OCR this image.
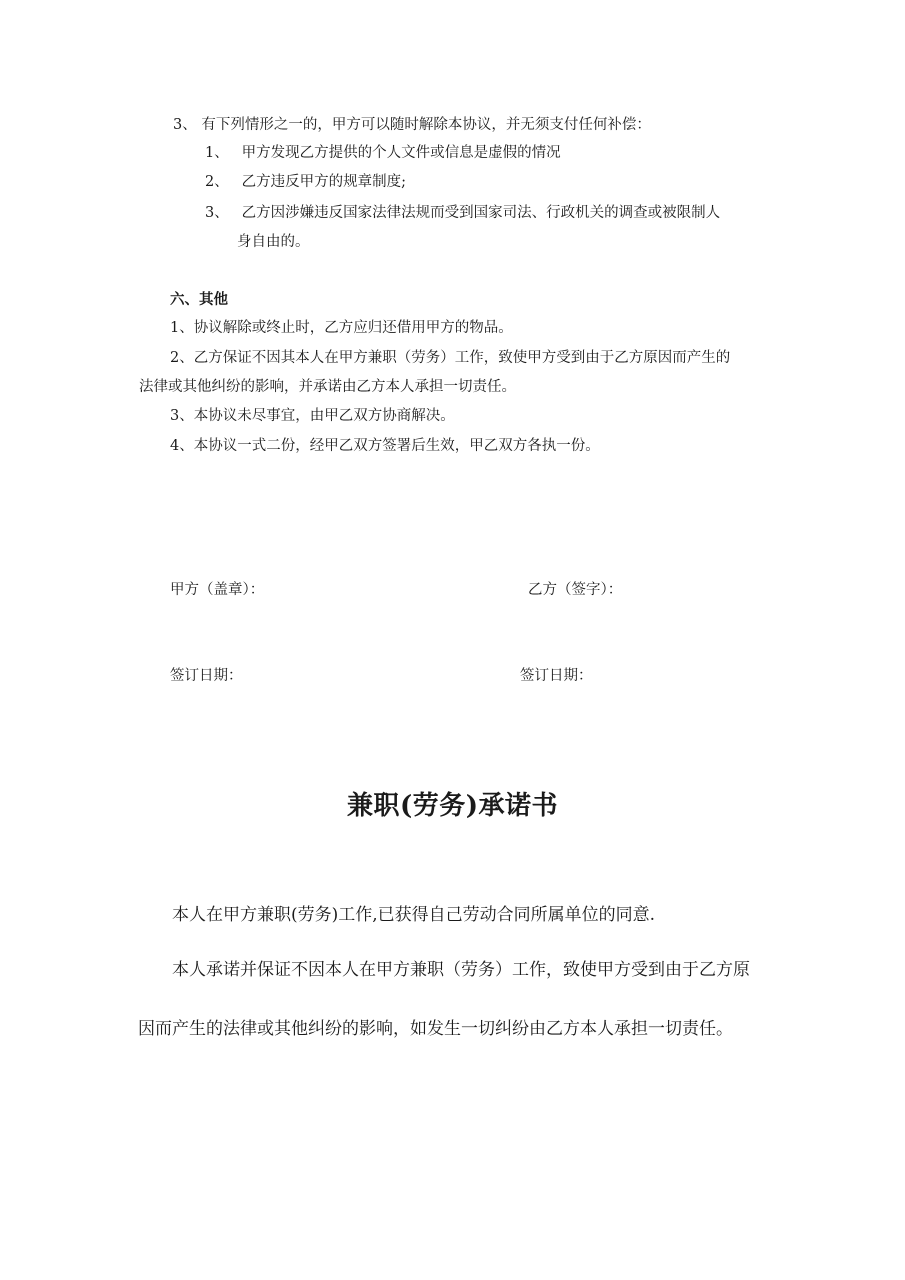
3、 有下列情形之一的，甲方可以随时解除本协议，并无须支付任何补偿：
1、 甲方发现乙方提供的个人文件或信息是虚假的情况
2、 乙方违反甲方的规章制度;
3、 乙方因涉嫌违反国家法律法规而受到国家司法、行政机关的调查或被限制人
身自由的。
六、其他
1、协议解除或终止时，乙方应归还借用甲方的物品。
2、乙方保证不因其本人在甲方兼职（劳务）工作，致使甲方受到由于乙方原因而产生的
法律或其他纠纷的影响，并承诺由乙方本人承担一切责任。
3、本协议未尽事宜，由甲乙双方协商解决。
4、本协议一式二份，经甲乙双方签署后生效，甲乙双方各执一份。
甲方（盖章）：	乙方（签字）：
签订日期：	签订日期：
兼职(劳务)承诺书
本人在甲方兼职(劳务)工作,已获得自己劳动合同所属单位的同意.
本人承诺并保证不因本人在甲方兼职（劳务）工作，致使甲方受到由于乙方原
因而产生的法律或其他纠纷的影响，如发生一切纠纷由乙方本人承担一切责任。
